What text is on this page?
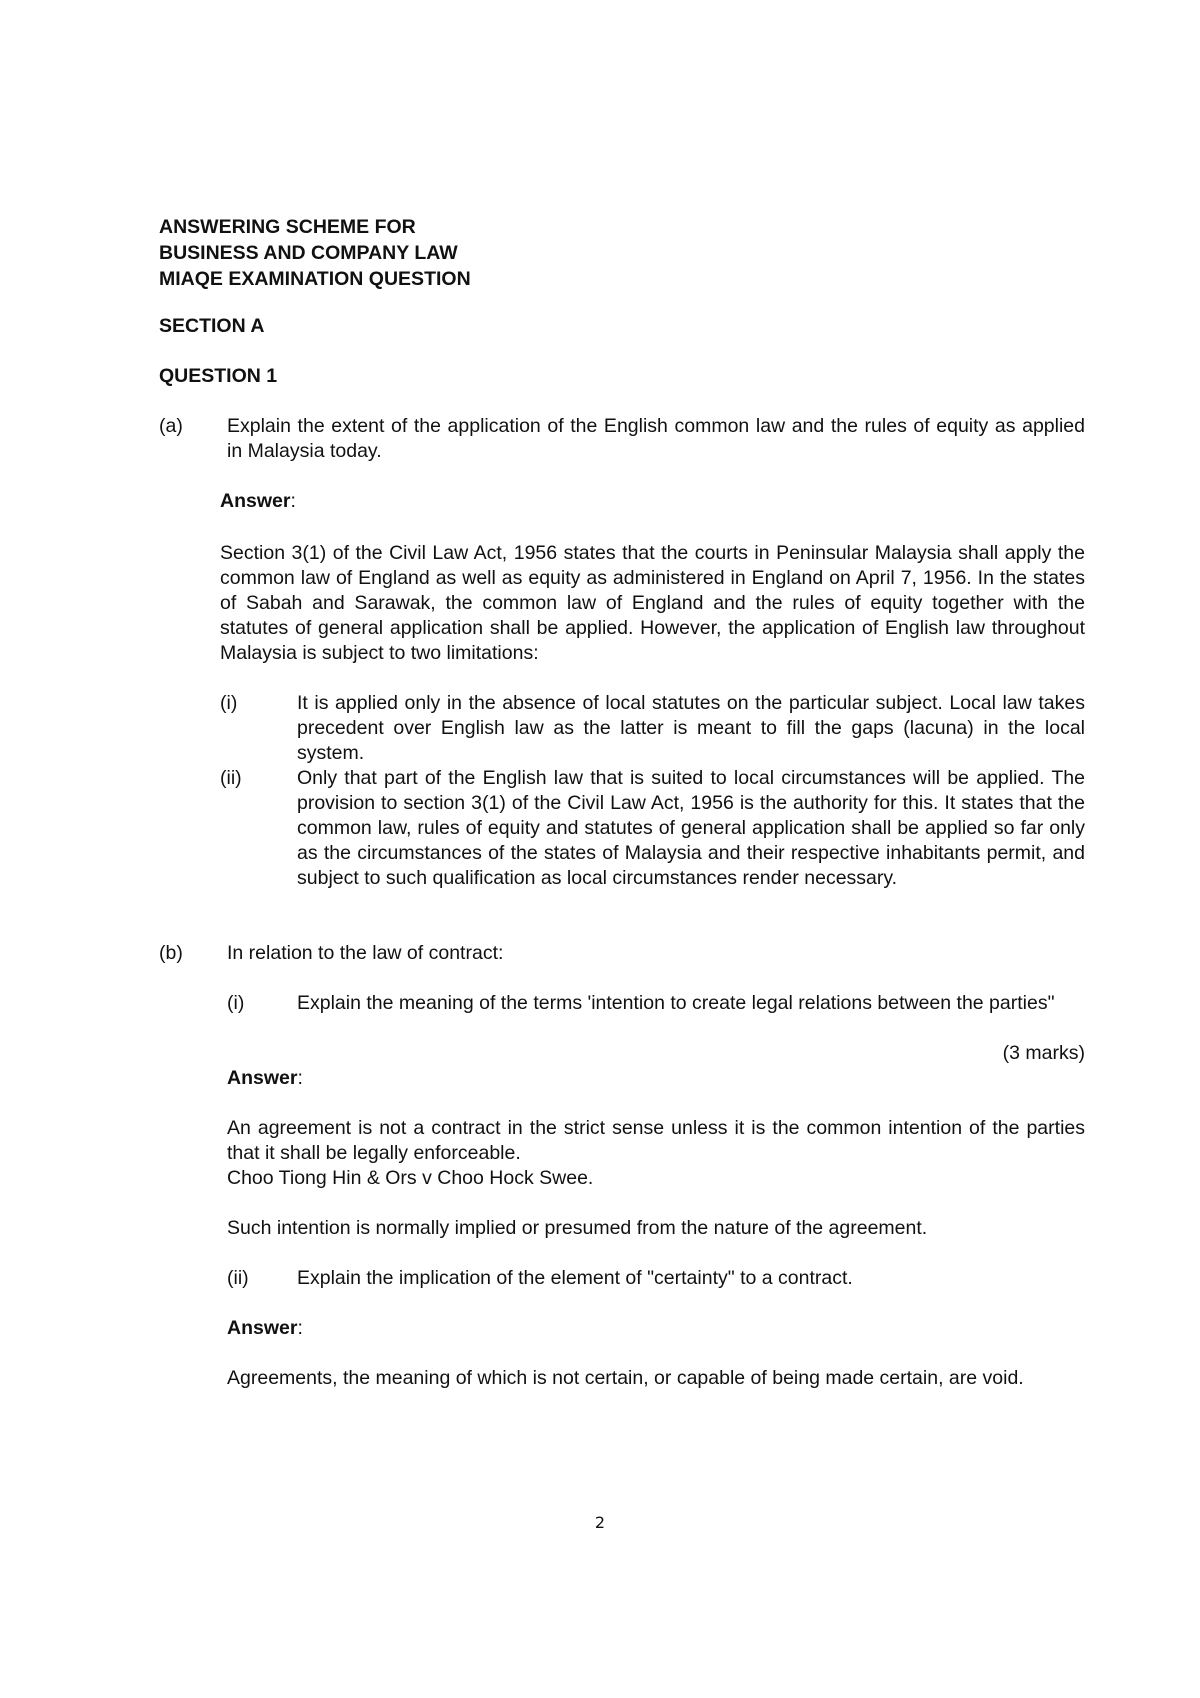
ANSWERING SCHEME FOR
BUSINESS AND COMPANY LAW
MIAQE EXAMINATION QUESTION
SECTION A
QUESTION 1
(a) Explain the extent of the application of the English common law and the rules of equity as applied in Malaysia today.
Answer:
Section 3(1) of the Civil Law Act, 1956 states that the courts in Peninsular Malaysia shall apply the common law of England as well as equity as administered in England on April 7, 1956. In the states of Sabah and Sarawak, the common law of England and the rules of equity together with the statutes of general application shall be applied. However, the application of English law throughout Malaysia is subject to two limitations:
(i)	It is applied only in the absence of local statutes on the particular subject. Local law takes precedent over English law as the latter is meant to fill the gaps (lacuna) in the local system.
(ii)	Only that part of the English law that is suited to local circumstances will be applied. The provision to section 3(1) of the Civil Law Act, 1956 is the authority for this. It states that the common law, rules of equity and statutes of general application shall be applied so far only as the circumstances of the states of Malaysia and their respective inhabitants permit, and subject to such qualification as local circumstances render necessary.
(b) In relation to the law of contract:
(i)	Explain the meaning of the terms 'intention to create legal relations between the parties"
(3 marks)
Answer:
An agreement is not a contract in the strict sense unless it is the common intention of the parties that it shall be legally enforceable.
Choo Tiong Hin & Ors v Choo Hock Swee.
Such intention is normally implied or presumed from the nature of the agreement.
(ii) Explain the implication of the element of "certainty" to a contract.
Answer:
Agreements, the meaning of which is not certain, or capable of being made certain, are void.
2
